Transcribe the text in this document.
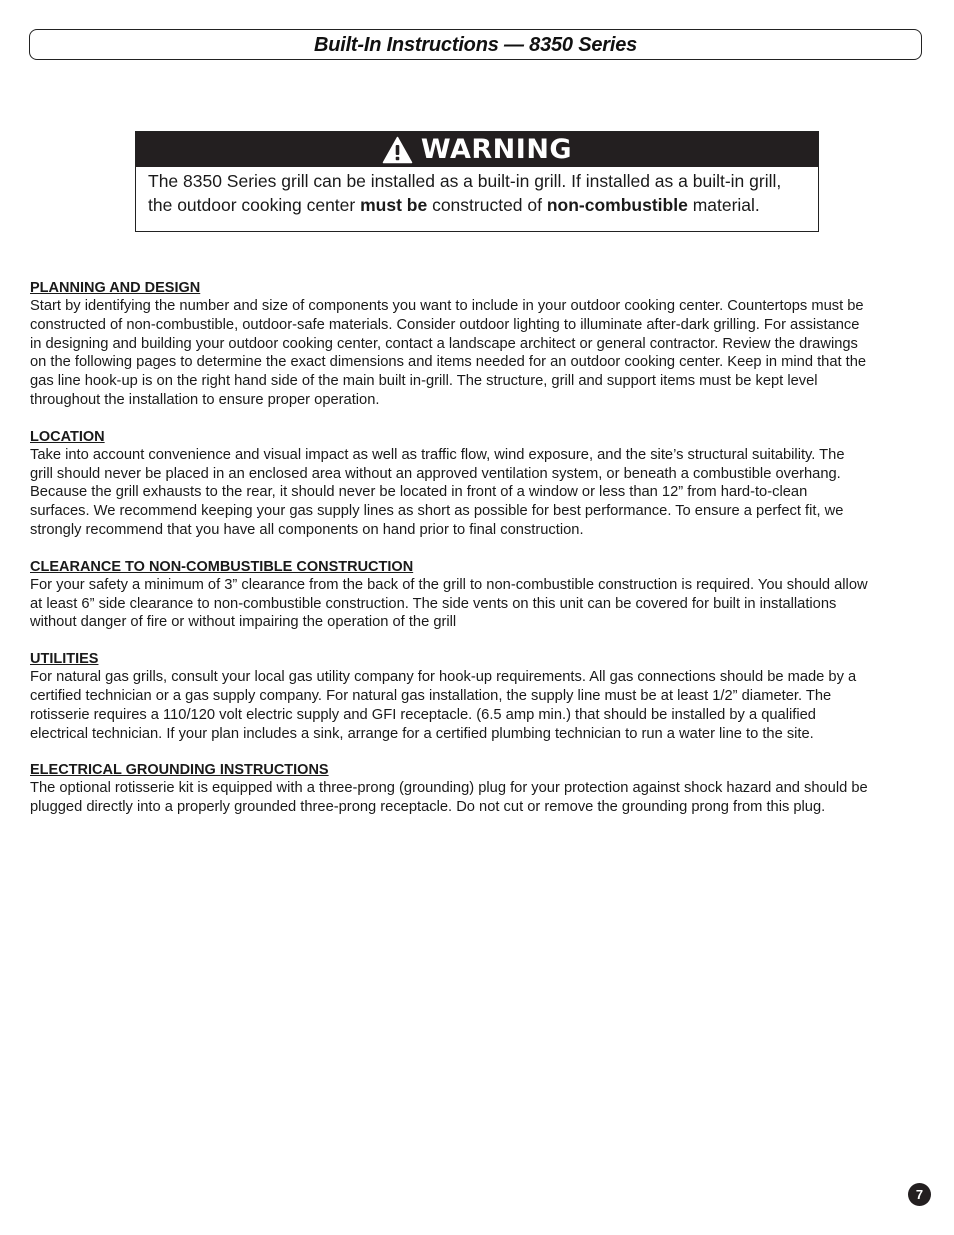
Built-In Instructions — 8350 Series
WARNING
The 8350 Series grill can be installed as a built-in grill. If installed as a built-in grill, the outdoor cooking center must be constructed of non-combustible material.
PLANNING AND DESIGN

Start by identifying the number and size of components you want to include in your outdoor cooking center. Countertops must be constructed of non-combustible, outdoor-safe materials. Consider outdoor lighting to illuminate after-dark grilling. For assistance in designing and building your outdoor cooking center, contact a landscape architect or general contractor. Review the drawings on the following pages to determine the exact dimensions and items needed for an outdoor cooking center. Keep in mind that the gas line hook-up is on the right hand side of the main built in-grill. The structure, grill and support items must be kept level throughout the installation to ensure proper operation.

LOCATION

Take into account convenience and visual impact as well as traffic flow, wind exposure, and the site’s structural suitability. The grill should never be placed in an enclosed area without an approved ventilation system, or beneath a combustible overhang. Because the grill exhausts to the rear, it should never be located in front of a window or less than 12” from hard-to-clean surfaces. We recommend keeping your gas supply lines as short as possible for best performance. To ensure a perfect fit, we strongly recommend that you have all components on hand prior to final construction.

CLEARANCE TO NON-COMBUSTIBLE CONSTRUCTION

For your safety a minimum of 3” clearance from the back of the grill to non-combustible construction is required. You should allow at least 6” side clearance to non-combustible construction. The side vents on this unit can be covered for built in installations without danger of fire or without impairing the operation of the grill

UTILITIES

For natural gas grills, consult your local gas utility company for hook-up requirements. All gas connections should be made by a certified technician or a gas supply company. For natural gas installation, the supply line must be at least 1/2” diameter. The rotisserie requires a 110/120 volt electric supply and GFI receptacle. (6.5 amp min.) that should be installed by a qualified electrical technician. If your plan includes a sink, arrange for a certified plumbing technician to run a water line to the site.

ELECTRICAL GROUNDING INSTRUCTIONS

The optional rotisserie kit is equipped with a three-prong (grounding) plug for your protection against shock hazard and should be plugged directly into a properly grounded three-prong receptacle. Do not cut or remove the grounding prong from this plug.

7
